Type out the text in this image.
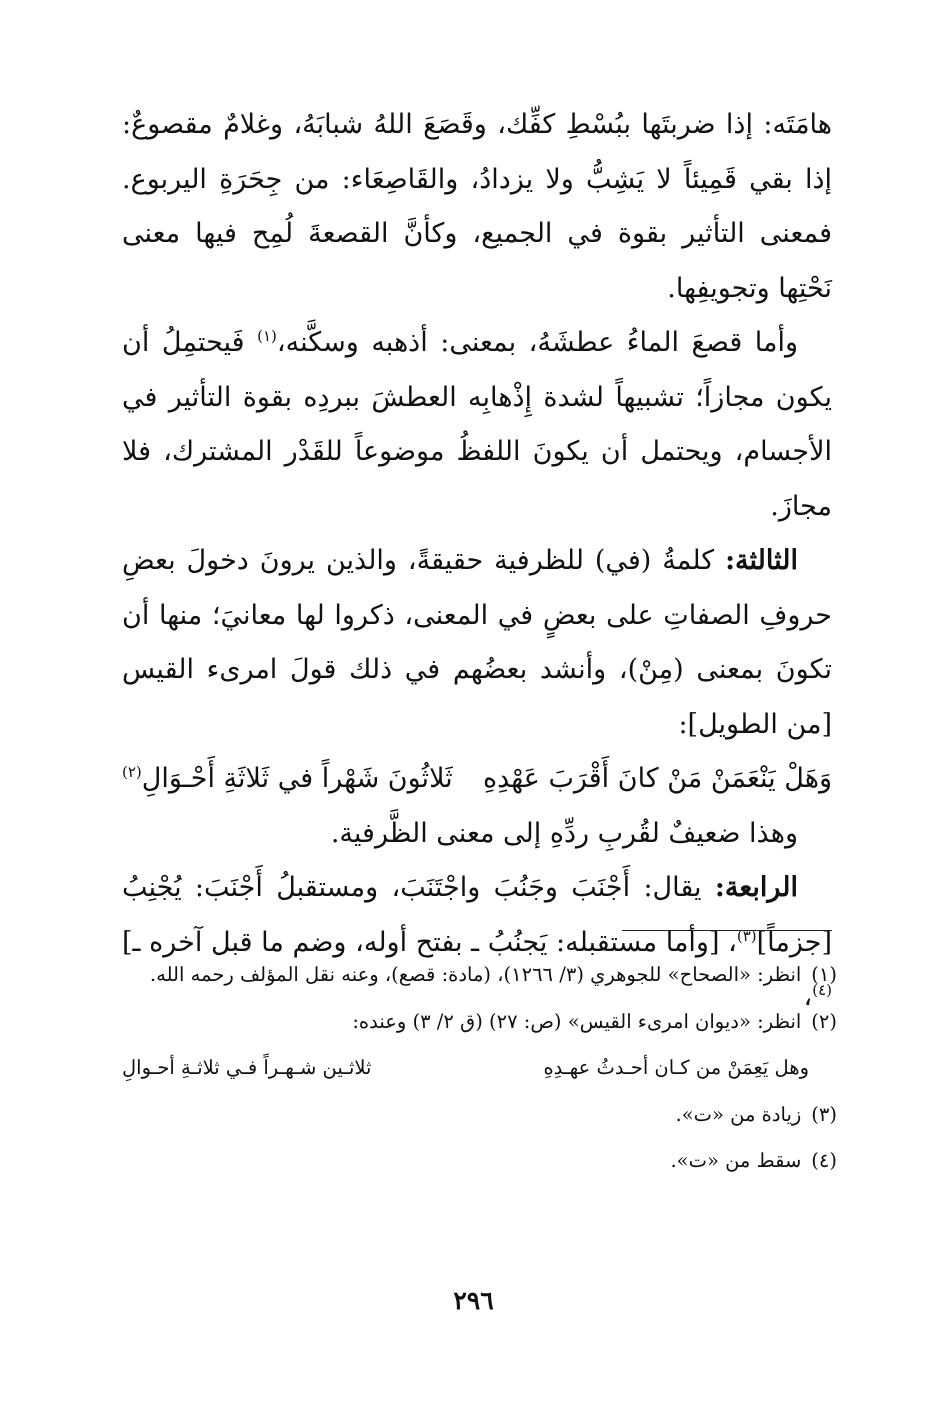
هامَتَه: إذا ضربتَها ببُسْطِ كفِّك، وقَصَعَ اللهُ شبابَهُ، وغلامٌ مقصوعٌ: إذا بقي قَمِيئاً لا يَشِبُّ ولا يزدادُ، والقَاصِعَاء: من جِحَرَةِ اليربوع. فمعنى التأثير بقوة في الجميع، وكأنَّ القصعةَ لُمِح فيها معنى نَحْتِها وتجويفِها.

وأما قصعَ الماءُ عطشَهُ، بمعنى: أذهبه وسكَّنه،$^{(١)}$ فَيحتمِلُ أن يكون مجازاً؛ تشبيهاً لشدة إِذْهابِه العطشَ ببردِه بقوة التأثير في الأجسام، ويحتمل أن يكونَ اللفظُ موضوعاً للقَدْر المشترك، فلا مجازَ.

الثالثة: كلمةُ (في) للظرفية حقيقةً، والذين يرونَ دخولَ بعضِ حروفِ الصفاتِ على بعضٍ في المعنى، ذكروا لها معانيَ؛ منها أن تكونَ بمعنى (مِنْ)، وأنشد بعضُهم في ذلك قولَ امرىء القيس [من الطويل]:

وَهَلْ يَنْعَمَنْ مَنْ كانَ أَقْرَبَ عَهْدِهِ
ثَلاثُونَ شَهْراً في ثَلاثَةِ أَحْـوَالِ$^{(٢)}$

وهذا ضعيفٌ لقُربِ ردِّهِ إلى معنى الظَّرفية.

الرابعة: يقال: أَجْنَبَ وجَنُبَ واجْتَنَبَ، ومستقبلُ أَجْنَبَ: يُجْنِبُ [جزماً]$^{(٣)}$، [وأما مستقبله: يَجنُبُ ـ بفتح أوله، وضم ما قبل آخره ـ]$^{(٤)}$،

(١)انظر: «الصحاح» للجوهري (٣/ ١٢٦٦)، (مادة: قصع)، وعنه نقل المؤلف رحمه الله.

(٢)انظر: «ديوان امرىء القيس» (ص: ٢٧) (ق ٢/ ٣) وعنده:

وهل يَعِمَنْ من كـان أحـدثُ عهـدِهِ
ثلاثـين شـهـراً فـي ثلاثـةِ أحـوالِ

(٣)زيادة من «ت».

(٤)سقط من «ت».

٢٩٦
